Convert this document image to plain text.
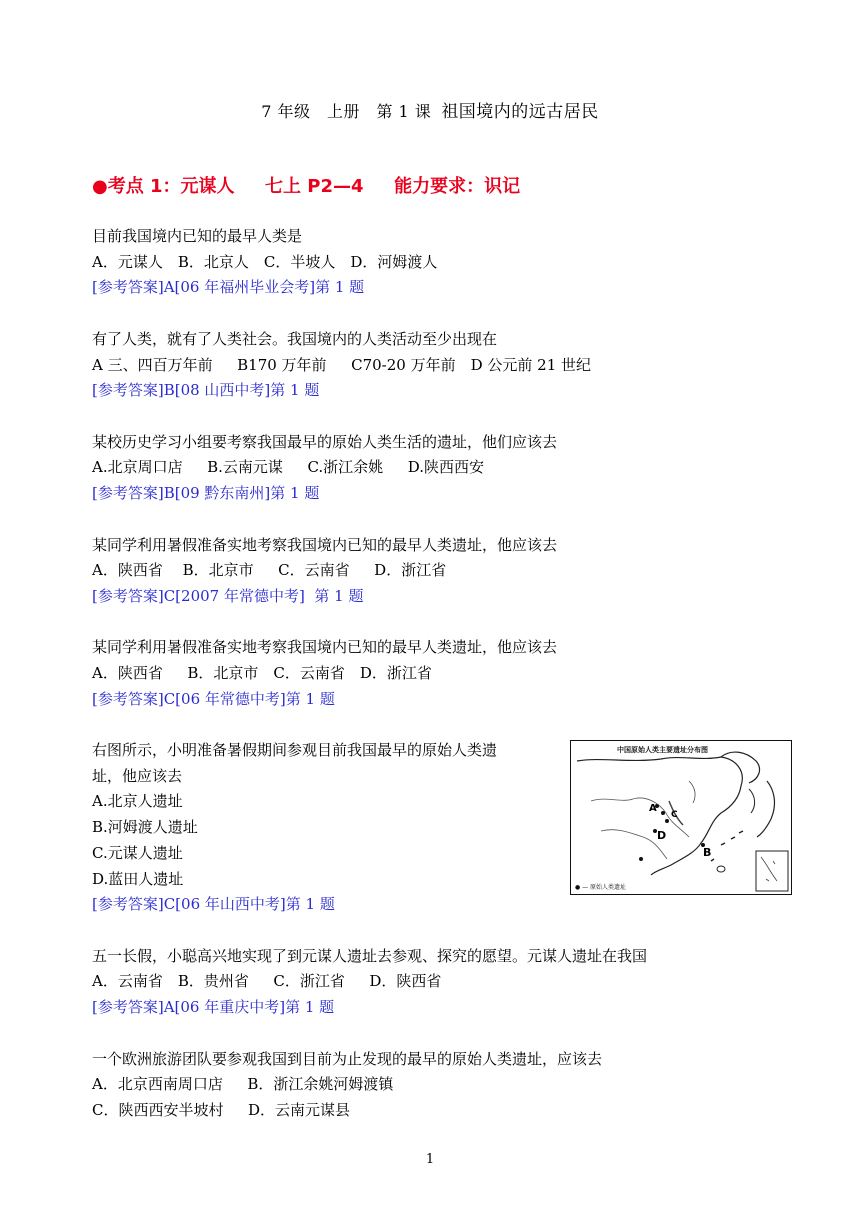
7 年级　上册　第 1 课 祖国境内的远古居民
●考点 1：元谋人　  七上 P2—4　  能力要求：识记
目前我国境内已知的最早人类是
A．元谋人　B．北京人　C．半坡人　D．河姆渡人
[参考答案]A[06 年福州毕业会考]第 1 题
有了人类，就有了人类社会。我国境内的人类活动至少出现在
A 三、四百万年前　  B170 万年前　  C70-20 万年前　D 公元前 21 世纪
[参考答案]B[08 山西中考]第 1 题
某校历史学习小组要考察我国最早的原始人类生活的遗址，他们应该去
A.北京周口店　  B.云南元谋　  C.浙江余姚　  D.陕西西安
[参考答案]B[09 黔东南州]第 1 题
某同学利用暑假准备实地考察我国境内已知的最早人类遗址，他应该去
A．陕西省　 B．北京市　  C．云南省　  D．浙江省
[参考答案]C[2007 年常德中考]  第 1 题
某同学利用暑假准备实地考察我国境内已知的最早人类遗址，他应该去
A．陕西省　  B．北京市　C．云南省　D．浙江省
[参考答案]C[06 年常德中考]第 1 题
右图所示，小明准备暑假期间参观目前我国最早的原始人类遗
址，他应该去
A.北京人遗址
B.河姆渡人遗址
C.元谋人遗址
D.蓝田人遗址
[参考答案]C[06 年山西中考]第 1 题
中国原始人类主要遗址分布图
A
C
D
B
● — 原始人类遗址
五一长假，小聪高兴地实现了到元谋人遗址去参观、探究的愿望。元谋人遗址在我国
A．云南省　B．贵州省　  C．浙江省　  D．陕西省
[参考答案]A[06 年重庆中考]第 1 题
一个欧洲旅游团队要参观我国到目前为止发现的最早的原始人类遗址，应该去
A．北京西南周口店　  B．浙江余姚河姆渡镇
C．陕西西安半坡村　  D．云南元谋县
1
